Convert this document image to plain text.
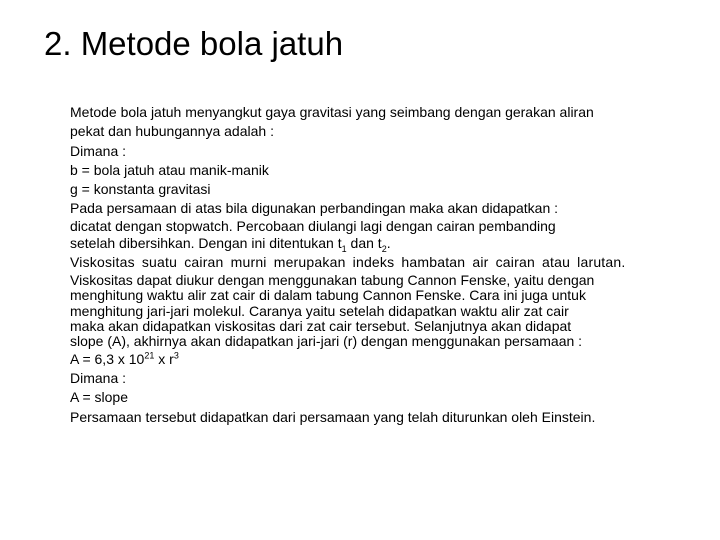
2. Metode bola jatuh
Metode bola jatuh menyangkut gaya gravitasi yang seimbang dengan gerakan aliran
pekat dan hubungannya adalah :
Dimana :
b = bola jatuh atau manik-manik
g = konstanta gravitasi
Pada persamaan di atas bila digunakan perbandingan maka akan didapatkan :
dicatat dengan stopwatch. Percobaan diulangi lagi dengan cairan pembanding
setelah dibersihkan. Dengan ini ditentukan $t_1$ dan $t_2$.
Viskositas suatu cairan murni merupakan indeks hambatan air cairan atau larutan.
Viskositas dapat diukur dengan menggunakan tabung Cannon Fenske, yaitu dengan
menghitung waktu alir zat cair di dalam tabung Cannon Fenske. Cara ini juga untuk
menghitung jari-jari molekul. Caranya yaitu setelah didapatkan waktu alir zat cair
maka akan didapatkan viskositas dari zat cair tersebut. Selanjutnya akan didapat
slope (A), akhirnya akan didapatkan jari-jari (r) dengan menggunakan persamaan :
A = 6,3 x $10^{21}$ x $r^3$
Dimana :
A = slope
Persamaan tersebut didapatkan dari persamaan yang telah diturunkan oleh Einstein.
